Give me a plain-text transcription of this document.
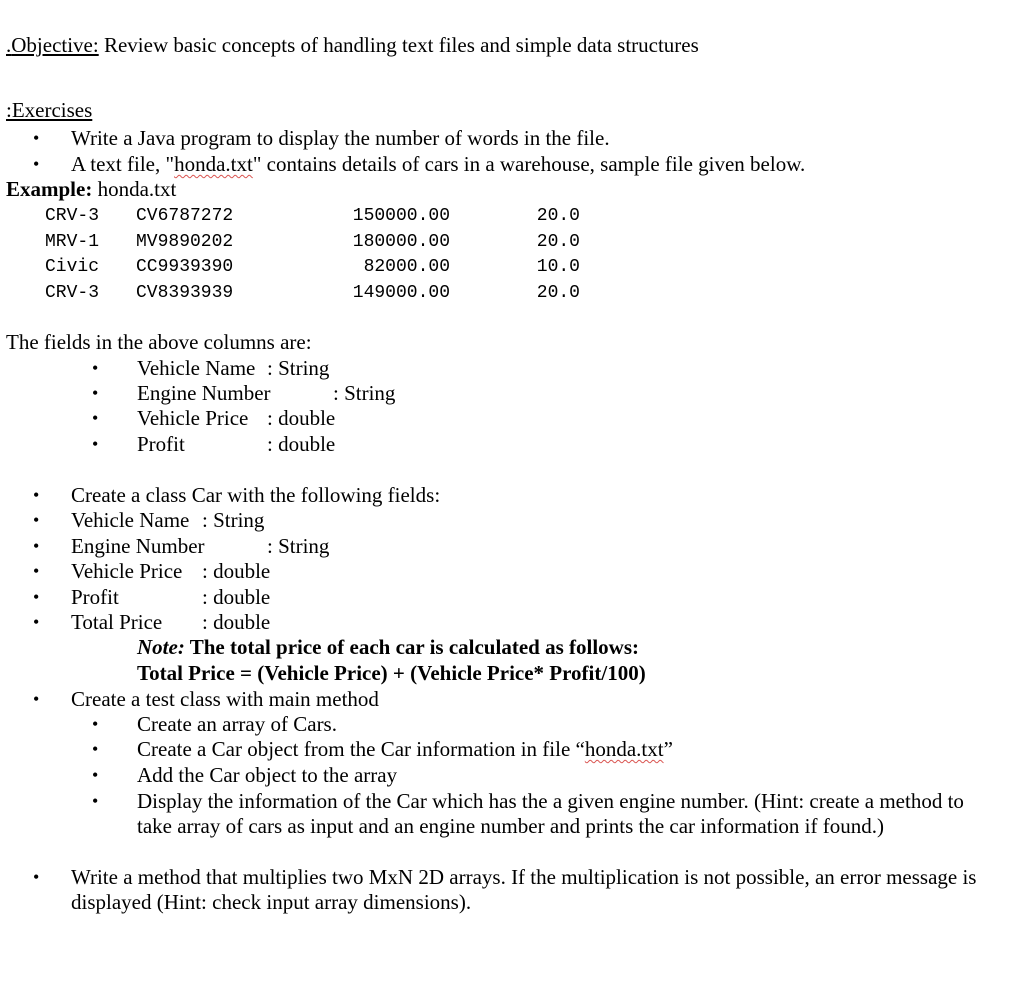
.Objective: Review basic concepts of handling text files and simple data structures
:Exercises
• Write a Java program to display the number of words in the file.
• A text file, "honda.txt" contains details of cars in a warehouse, sample file given below.
Example: honda.txt
CRV-3 CV6787272	150000.00	20.0
MRV-1 MV9890202	180000.00	20.0
Civic CC9939390	82000.00	10.0
CRV-3 CV8393939	149000.00	20.0
The fields in the above columns are:
• Vehicle Name : String
• Engine Number	: String
• Vehicle Price : double
• Profit	: double
• Create a class Car with the following fields:
• Vehicle Name : String
• Engine Number	: String
• Vehicle Price : double
• Profit	: double
• Total Price : double
Note: The total price of each car is calculated as follows:
Total Price = (Vehicle Price) + (Vehicle Price* Profit/100)
• Create a test class with main method
• Create an array of Cars.
• Create a Car object from the Car information in file “honda.txt”
• Add the Car object to the array
• Display the information of the Car which has the a given engine number. (Hint: create a method to
take array of cars as input and an engine number and prints the car information if found.)
• Write a method that multiplies two MxN 2D arrays. If the multiplication is not possible, an error message is
displayed (Hint: check input array dimensions).
